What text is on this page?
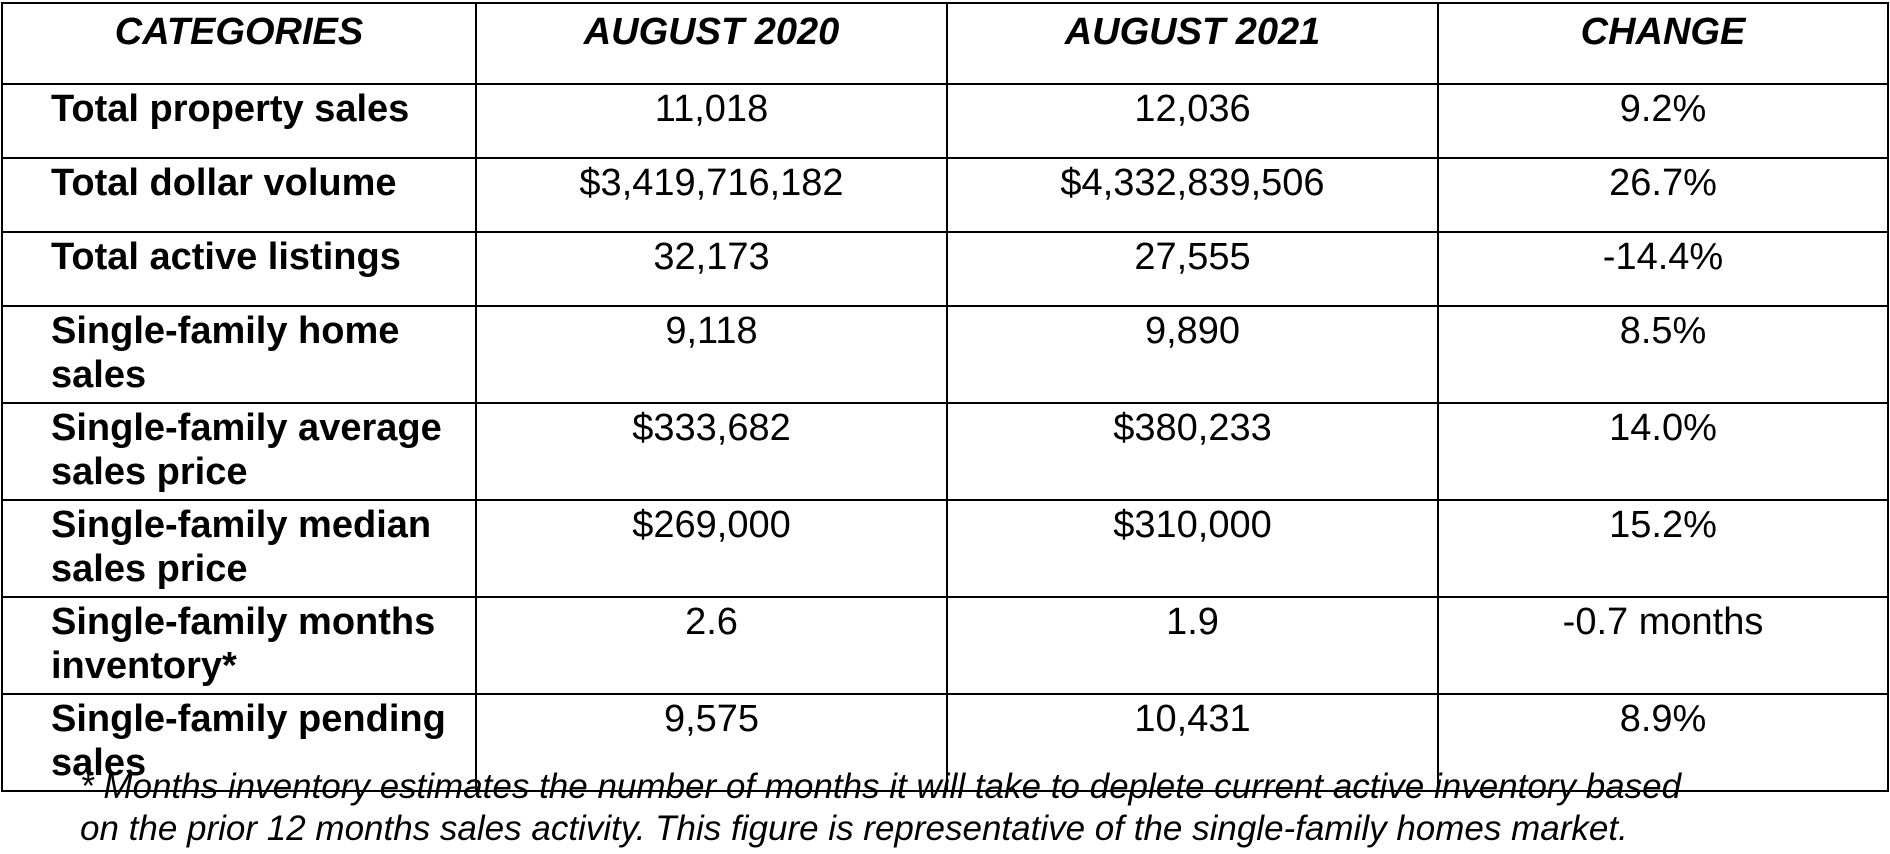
CATEGORIES	AUGUST 2020	AUGUST 2021	CHANGE
Total property sales	11,018	12,036	9.2%
Total dollar volume	$3,419,716,182	$4,332,839,506	26.7%
Total active listings	32,173	27,555	-14.4%
Single-family home sales	9,118	9,890	8.5%
Single-family average sales price	$333,682	$380,233	14.0%
Single-family median sales price	$269,000	$310,000	15.2%
Single-family months inventory*	2.6	1.9	-0.7 months
Single-family pending sales	9,575	10,431	8.9%
* Months inventory estimates the number of months it will take to deplete current active inventory based
on the prior 12 months sales activity. This figure is representative of the single-family homes market.
